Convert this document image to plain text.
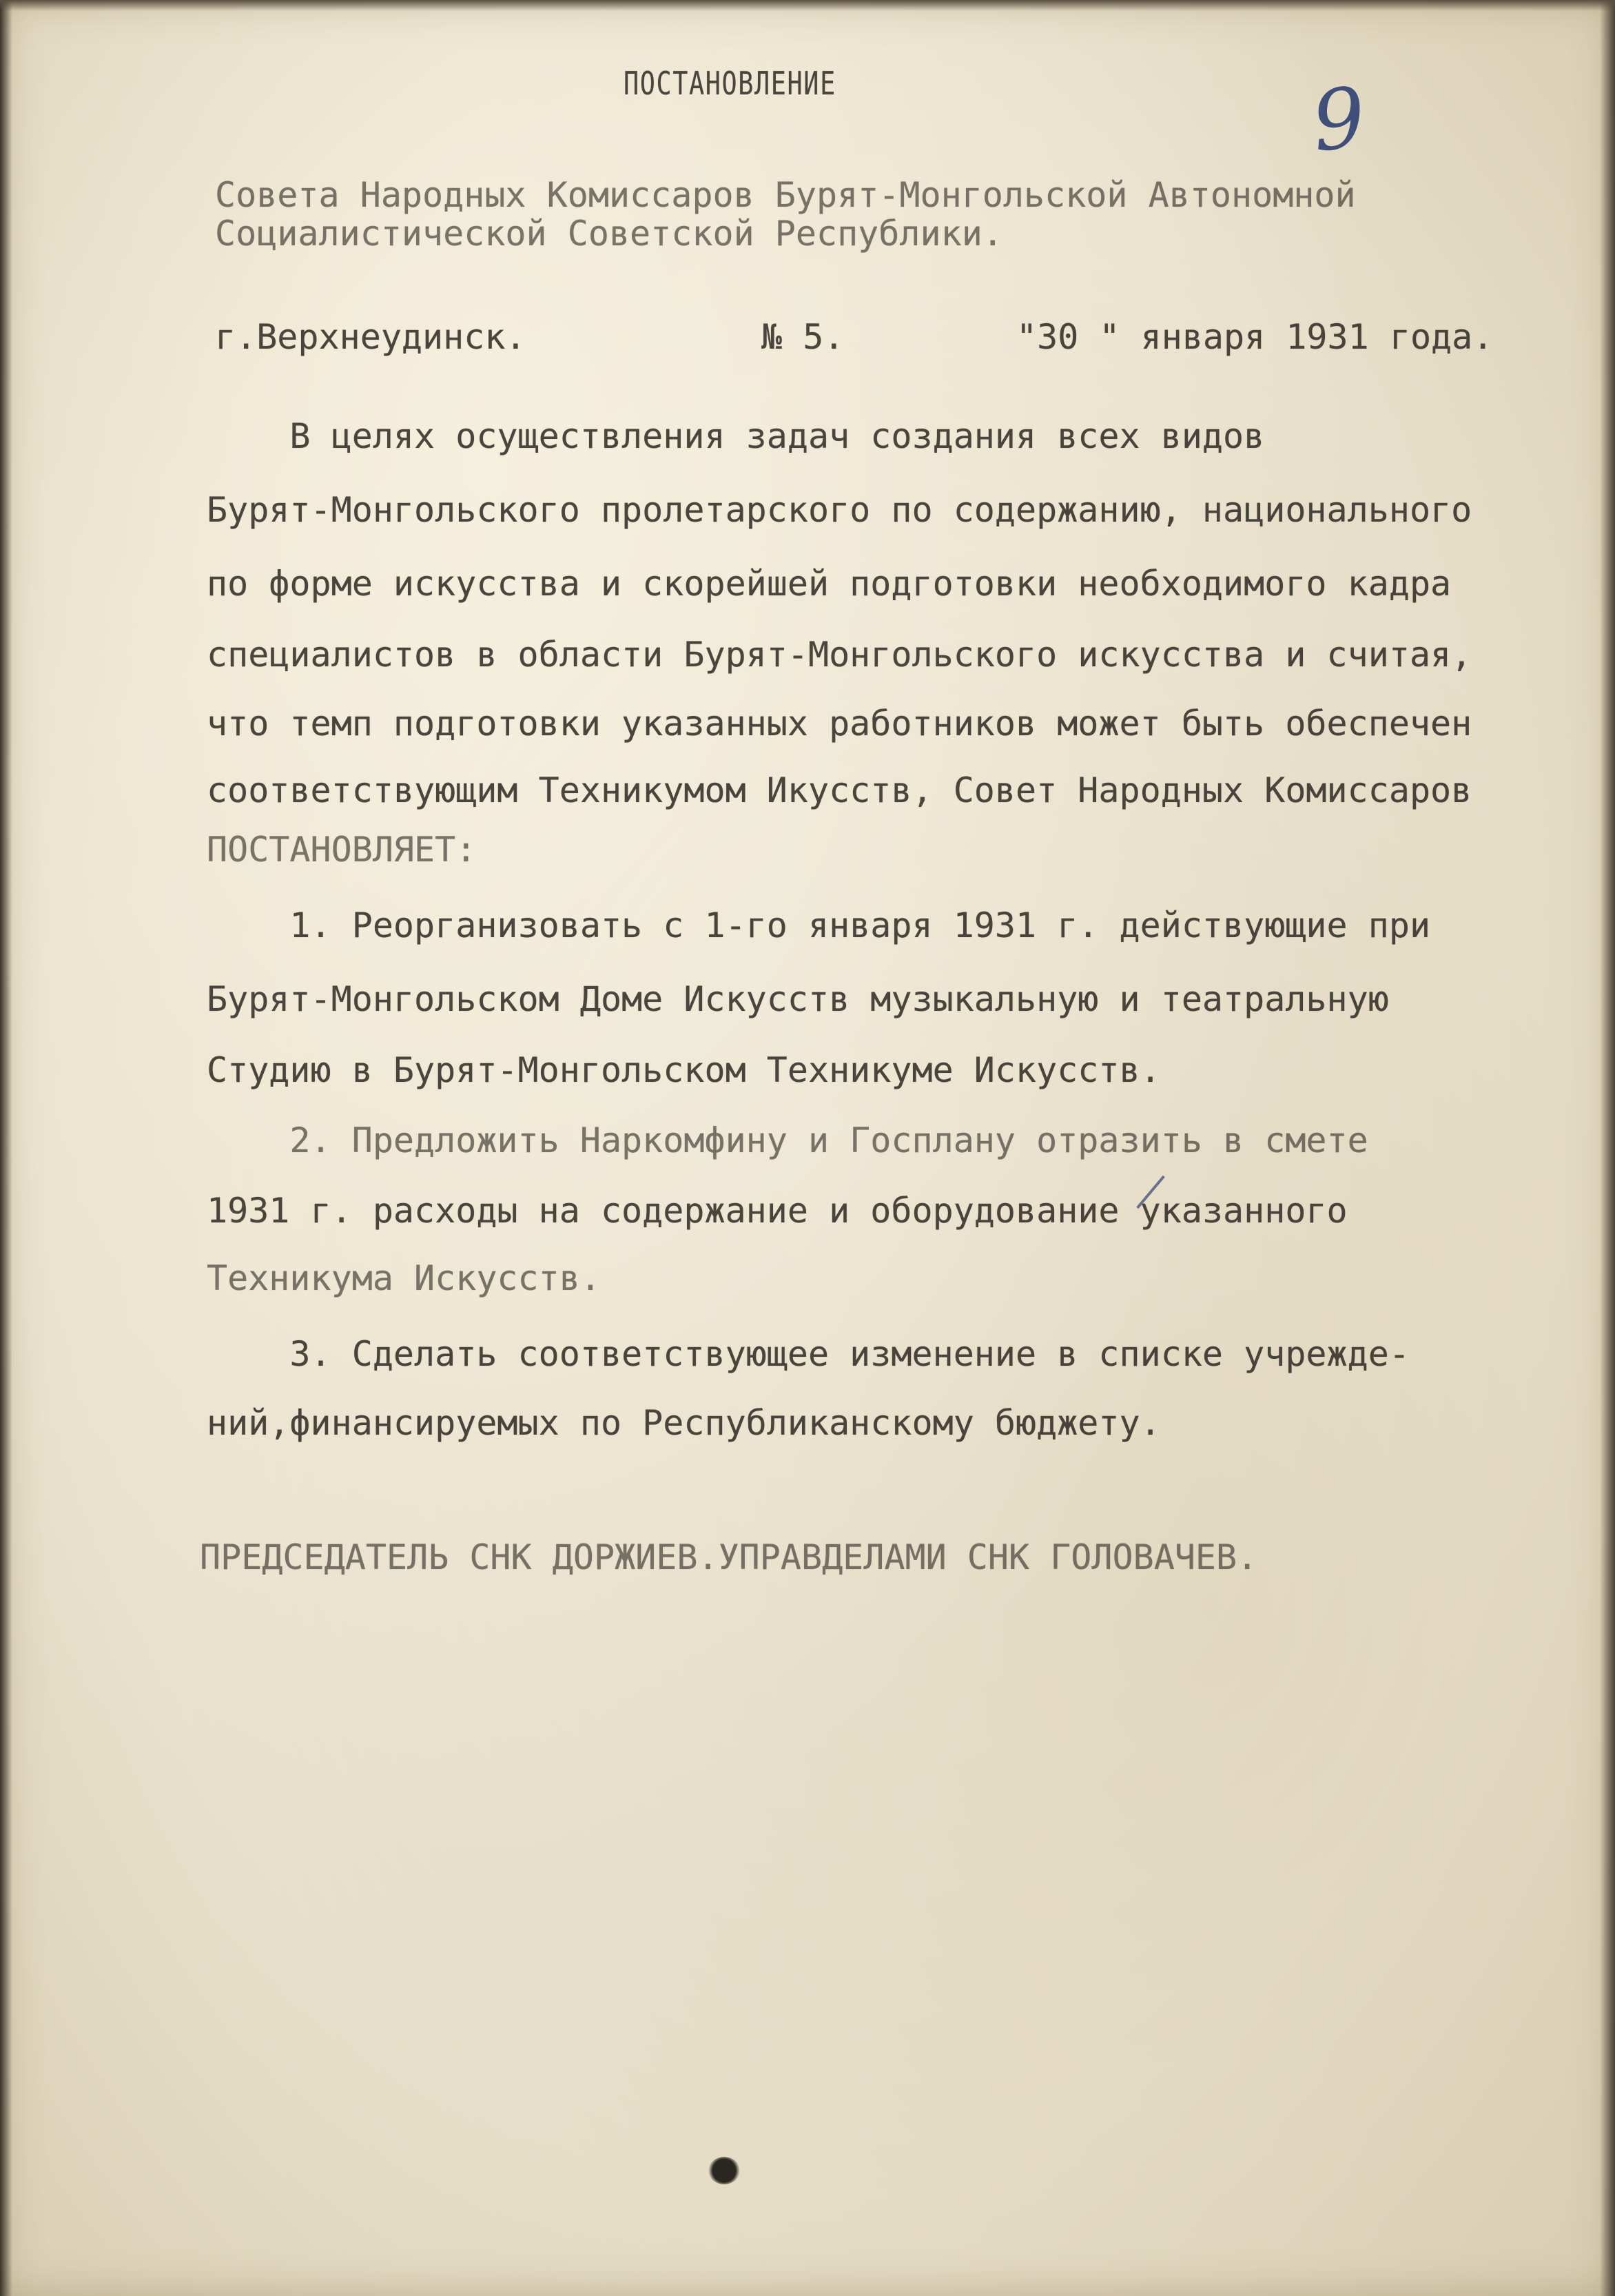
ПОСТАНОВЛЕНИЕ	9
Совета Народных Комиссаров Бурят-Монгольской Автономной
Социалистической Советской Республики.
г.Верхнеудинск.	№ 5.	"30 " января 1931 года.
В целях осуществления задач создания всех видов
Бурят-Монгольского пролетарского по содержанию, национального
по форме искусства и скорейшей подготовки необходимого кадра
специалистов в области Бурят-Монгольского искусства и считая,
что темп подготовки указанных работников может быть обеспечен
соответствующим Техникумом Икусств, Совет Народных Комиссаров
ПОСТАНОВЛЯЕТ:
1. Реорганизовать с 1-го января 1931 г. действующие при
Бурят-Монгольском Доме Искусств музыкальную и театральную
Студию в Бурят-Монгольском Техникуме Искусств.
2. Предложить Наркомфину и Госплану отразить в смете
1931 г. расходы на содержание и оборудование указанного
Техникума Искусств.
3. Сделать соответствующее изменение в списке учрежде-
ний,финансируемых по Республиканскому бюджету.
ПРЕДСЕДАТЕЛЬ СНК ДОРЖИЕВ.УПРАВДЕЛАМИ СНК ГОЛОВАЧЕВ.
